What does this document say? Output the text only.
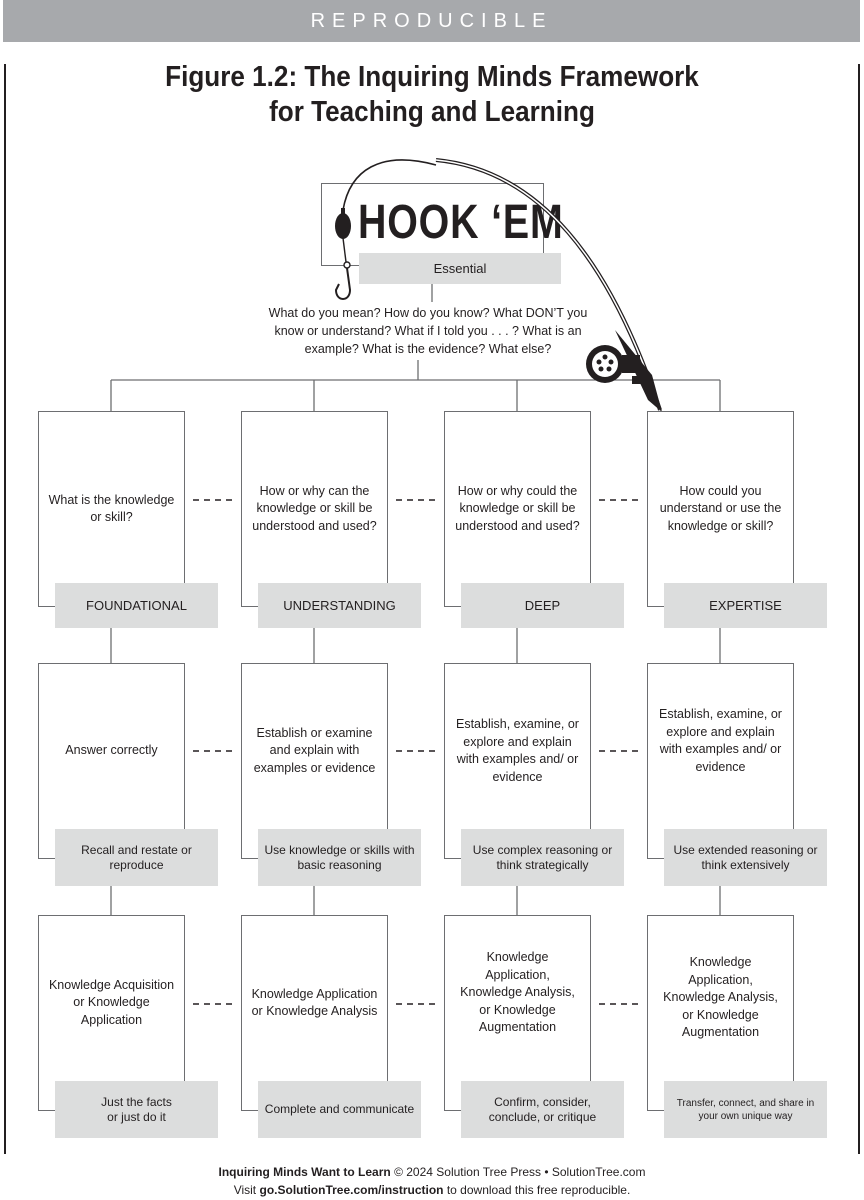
REPRODUCIBLE
Figure 1.2: The Inquiring Minds Framework
for Teaching and Learning
HOOK ‘EM
Essential
What do you mean? How do you know? What DON’T you know or understand? What if I told you . . . ? What is an example? What is the evidence? What else?
What is the knowledge or skill?
How or why can the knowledge or skill be understood and used?
How or why could the knowledge or skill be understood and used?
How could you understand or use the knowledge or skill?
FOUNDATIONAL	UNDERSTANDING	DEEP	EXPERTISE
Answer correctly
Establish or examine and explain with examples or evidence
Establish, examine, or explore and explain with examples and/ or evidence
Establish, examine, or explore and explain with examples and/ or evidence
Recall and restate or reproduce
Use knowledge or skills with basic reasoning
Use complex reasoning or think strategically
Use extended reasoning or think extensively
Knowledge Acquisition or Knowledge Application
Knowledge Application or Knowledge Analysis
Knowledge Application, Knowledge Analysis, or Knowledge Augmentation
Knowledge Application, Knowledge Analysis, or Knowledge Augmentation
Just the facts or just do it
Complete and communicate
Confirm, consider, conclude, or critique
Transfer, connect, and share in your own unique way
Inquiring Minds Want to Learn © 2024 Solution Tree Press • SolutionTree.com
Visit go.SolutionTree.com/instruction to download this free reproducible.
